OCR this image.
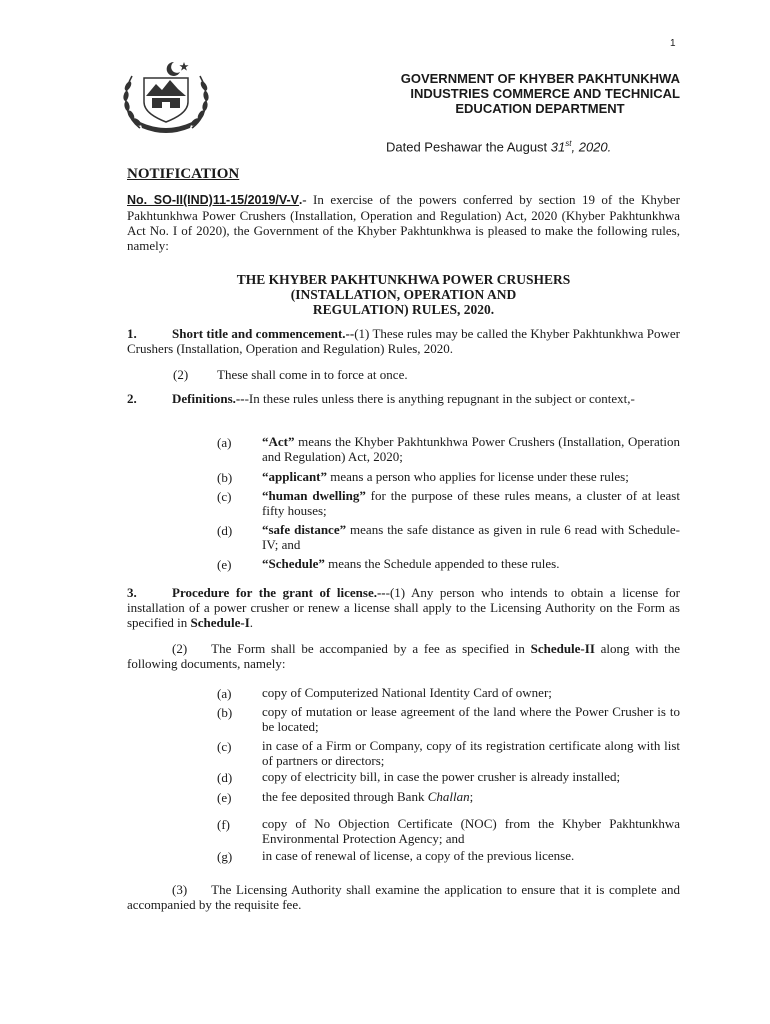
1
GOVERNMENT OF KHYBER PAKHTUNKHWA
INDUSTRIES COMMERCE AND TECHNICAL
EDUCATION DEPARTMENT
Dated Peshawar the August 31st, 2020.
NOTIFICATION
No. SO-II(IND)11-15/2019/V-V.- In exercise of the powers conferred by section 19 of the Khyber Pakhtunkhwa Power Crushers (Installation, Operation and Regulation) Act, 2020 (Khyber Pakhtunkhwa Act No. I of 2020), the Government of the Khyber Pakhtunkhwa is pleased to make the following rules, namely:
THE KHYBER PAKHTUNKHWA POWER CRUSHERS
(INSTALLATION, OPERATION AND
REGULATION) RULES, 2020.
1.	Short title and commencement.--(1) These rules may be called the Khyber Pakhtunkhwa Power Crushers (Installation, Operation and Regulation) Rules, 2020.
(2) These shall come in to force at once.
2.	Definitions.---In these rules unless there is anything repugnant in the subject or context,-
(a)	“Act” means the Khyber Pakhtunkhwa Power Crushers (Installation, Operation and Regulation) Act, 2020;
(b)	“applicant” means a person who applies for license under these rules;
(c)	“human dwelling” for the purpose of these rules means, a cluster of at least fifty houses;
(d)	“safe distance” means the safe distance as given in rule 6 read with Schedule-IV; and
(e)	“Schedule” means the Schedule appended to these rules.
3.	Procedure for the grant of license.---(1) Any person who intends to obtain a license for installation of a power crusher or renew a license shall apply to the Licensing Authority on the Form as specified in Schedule-I.
(2) The Form shall be accompanied by a fee as specified in Schedule-II along with the following documents, namely:
(a)	copy of Computerized National Identity Card of owner;
(b)	copy of mutation or lease agreement of the land where the Power Crusher is to be located;
(c)	in case of a Firm or Company, copy of its registration certificate along with list of partners or directors;
(d)	copy of electricity bill, in case the power crusher is already installed;
(e)	the fee deposited through Bank Challan;
(f)	copy of No Objection Certificate (NOC) from the Khyber Pakhtunkhwa Environmental Protection Agency; and
(g)	in case of renewal of license, a copy of the previous license.
(3) The Licensing Authority shall examine the application to ensure that it is complete and accompanied by the requisite fee.
